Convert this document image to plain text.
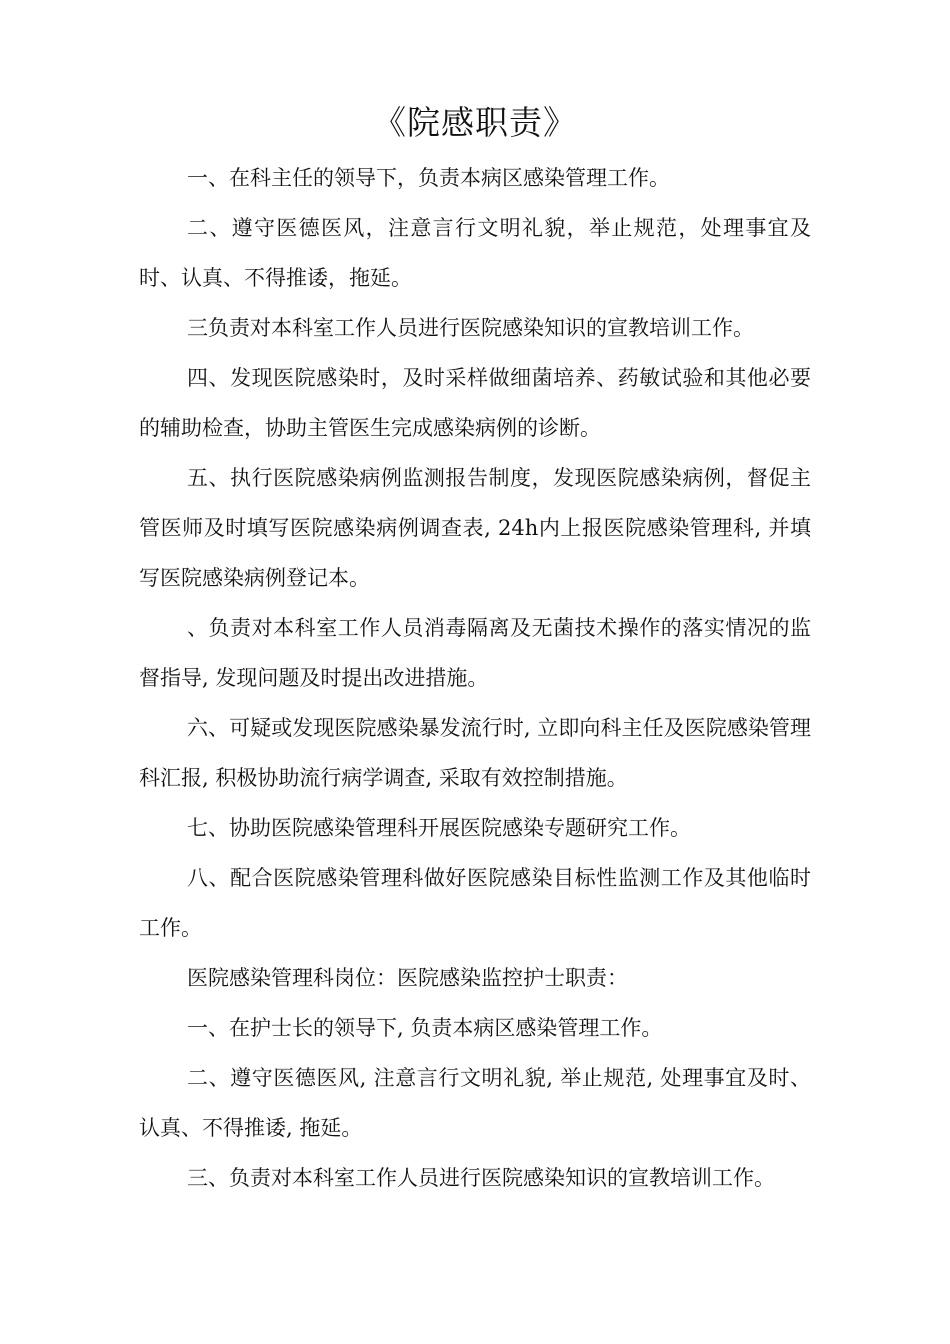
《院感职责》

一、在科主任的领导下，负责本病区感染管理工作。

二、遵守医德医风，注意言行文明礼貌，举止规范，处理事宜及时、认真、不得推诿，拖延。

三负责对本科室工作人员进行医院感染知识的宣教培训工作。

四、发现医院感染时，及时采样做细菌培养、药敏试验和其他必要的辅助检查，协助主管医生完成感染病例的诊断。

五、执行医院感染病例监测报告制度，发现医院感染病例，督促主管医师及时填写医院感染病例调查表, 24h内上报医院感染管理科, 并填写医院感染病例登记本。

、负责对本科室工作人员消毒隔离及无菌技术操作的落实情况的监督指导, 发现问题及时提出改进措施。

六、可疑或发现医院感染暴发流行时, 立即向科主任及医院感染管理科汇报, 积极协助流行病学调查, 采取有效控制措施。

七、协助医院感染管理科开展医院感染专题研究工作。

八、配合医院感染管理科做好医院感染目标性监测工作及其他临时工作。

医院感染管理科岗位：医院感染监控护士职责：

一、在护士长的领导下, 负责本病区感染管理工作。

二、遵守医德医风, 注意言行文明礼貌, 举止规范, 处理事宜及时、认真、不得推诿, 拖延。

三、负责对本科室工作人员进行医院感染知识的宣教培训工作。
